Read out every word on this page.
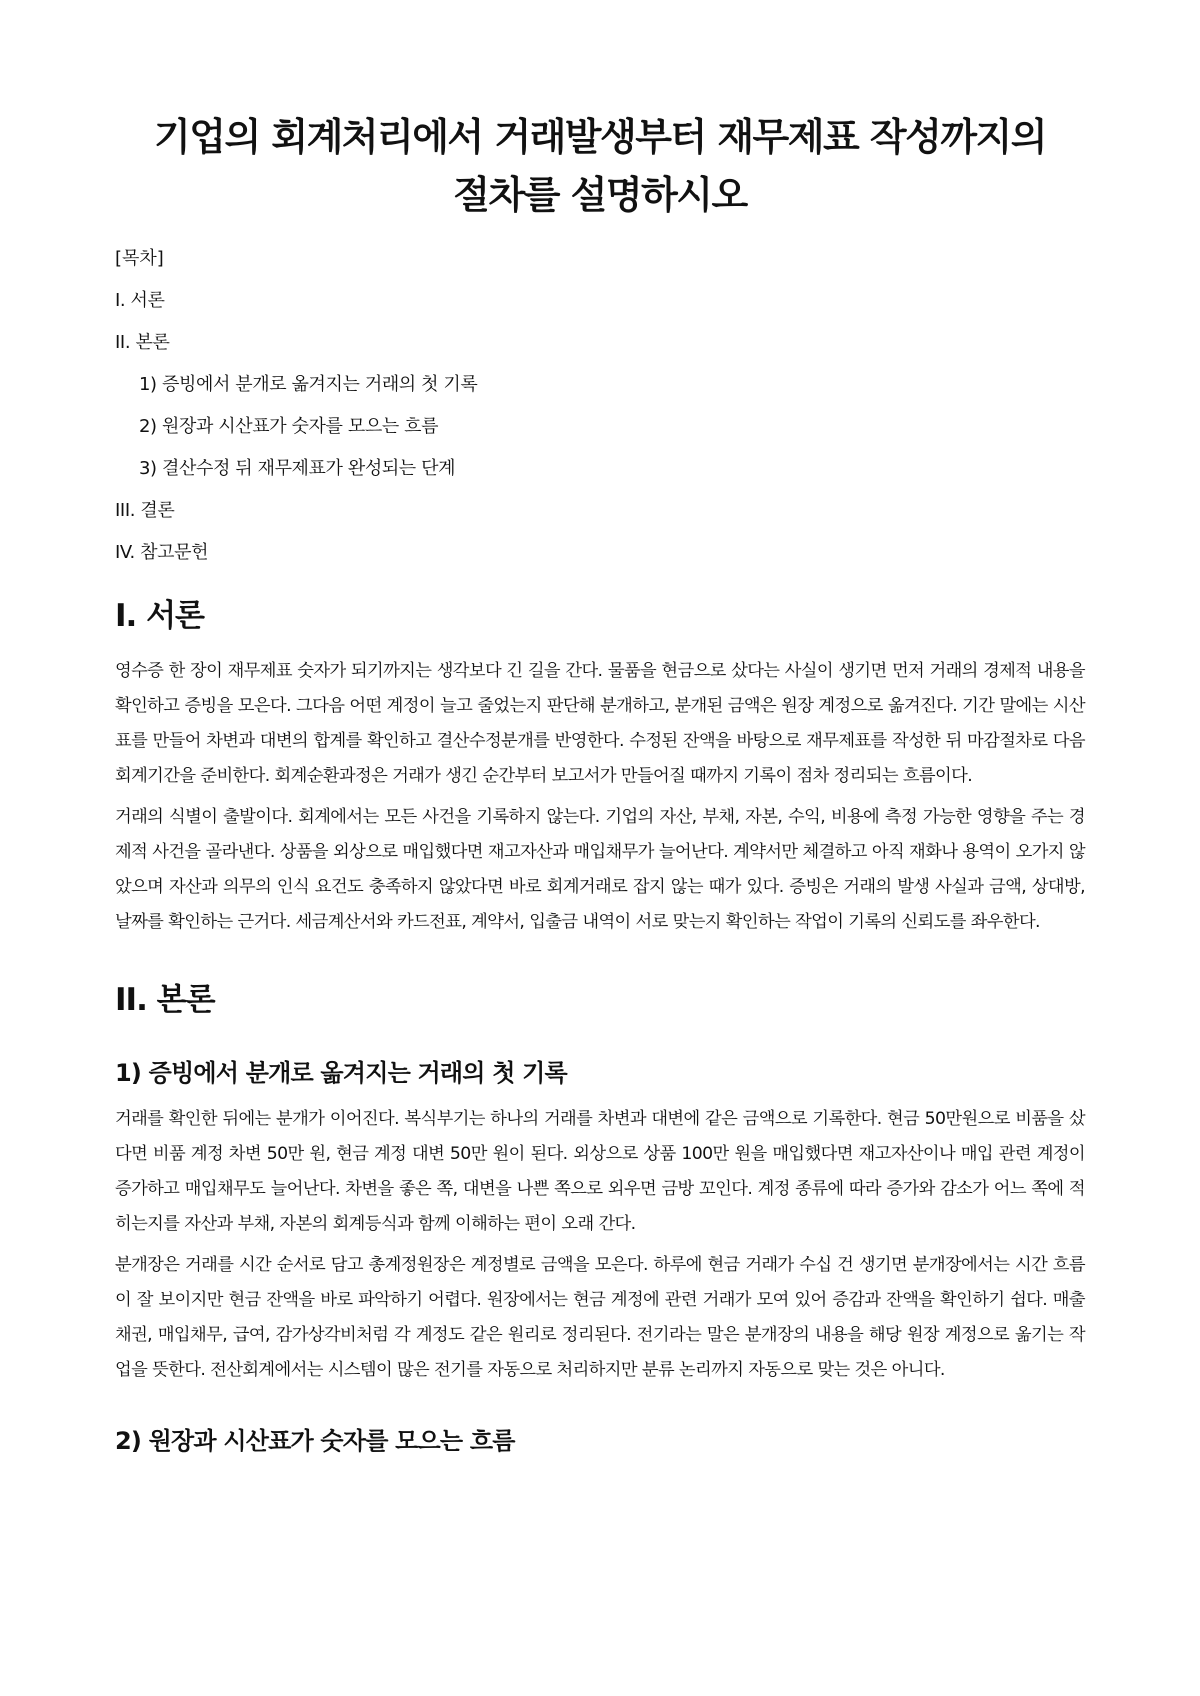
기업의 회계처리에서 거래발생부터 재무제표 작성까지의 절차를 설명하시오
[목차]
I. 서론
II. 본론
1) 증빙에서 분개로 옮겨지는 거래의 첫 기록
2) 원장과 시산표가 숫자를 모으는 흐름
3) 결산수정 뒤 재무제표가 완성되는 단계
III. 결론
IV. 참고문헌
I. 서론

영수증 한 장이 재무제표 숫자가 되기까지는 생각보다 긴 길을 간다. 물품을 현금으로 샀다는 사실이 생기면 먼저 거래의 경제적 내용을 확인하고 증빙을 모은다. 그다음 어떤 계정이 늘고 줄었는지 판단해 분개하고, 분개된 금액은 원장 계정으로 옮겨진다. 기간 말에는 시산표를 만들어 차변과 대변의 합계를 확인하고 결산수정분개를 반영한다. 수정된 잔액을 바탕으로 재무제표를 작성한 뒤 마감절차로 다음 회계기간을 준비한다. 회계순환과정은 거래가 생긴 순간부터 보고서가 만들어질 때까지 기록이 점차 정리되는 흐름이다.

거래의 식별이 출발이다. 회계에서는 모든 사건을 기록하지 않는다. 기업의 자산, 부채, 자본, 수익, 비용에 측정 가능한 영향을 주는 경제적 사건을 골라낸다. 상품을 외상으로 매입했다면 재고자산과 매입채무가 늘어난다. 계약서만 체결하고 아직 재화나 용역이 오가지 않았으며 자산과 의무의 인식 요건도 충족하지 않았다면 바로 회계거래로 잡지 않는 때가 있다. 증빙은 거래의 발생 사실과 금액, 상대방, 날짜를 확인하는 근거다. 세금계산서와 카드전표, 계약서, 입출금 내역이 서로 맞는지 확인하는 작업이 기록의 신뢰도를 좌우한다.

II. 본론
1) 증빙에서 분개로 옮겨지는 거래의 첫 기록

거래를 확인한 뒤에는 분개가 이어진다. 복식부기는 하나의 거래를 차변과 대변에 같은 금액으로 기록한다. 현금 50만원으로 비품을 샀다면 비품 계정 차변 50만 원, 현금 계정 대변 50만 원이 된다. 외상으로 상품 100만 원을 매입했다면 재고자산이나 매입 관련 계정이 증가하고 매입채무도 늘어난다. 차변을 좋은 쪽, 대변을 나쁜 쪽으로 외우면 금방 꼬인다. 계정 종류에 따라 증가와 감소가 어느 쪽에 적히는지를 자산과 부채, 자본의 회계등식과 함께 이해하는 편이 오래 간다.

분개장은 거래를 시간 순서로 담고 총계정원장은 계정별로 금액을 모은다. 하루에 현금 거래가 수십 건 생기면 분개장에서는 시간 흐름이 잘 보이지만 현금 잔액을 바로 파악하기 어렵다. 원장에서는 현금 계정에 관련 거래가 모여 있어 증감과 잔액을 확인하기 쉽다. 매출채권, 매입채무, 급여, 감가상각비처럼 각 계정도 같은 원리로 정리된다. 전기라는 말은 분개장의 내용을 해당 원장 계정으로 옮기는 작업을 뜻한다. 전산회계에서는 시스템이 많은 전기를 자동으로 처리하지만 분류 논리까지 자동으로 맞는 것은 아니다.

2) 원장과 시산표가 숫자를 모으는 흐름
